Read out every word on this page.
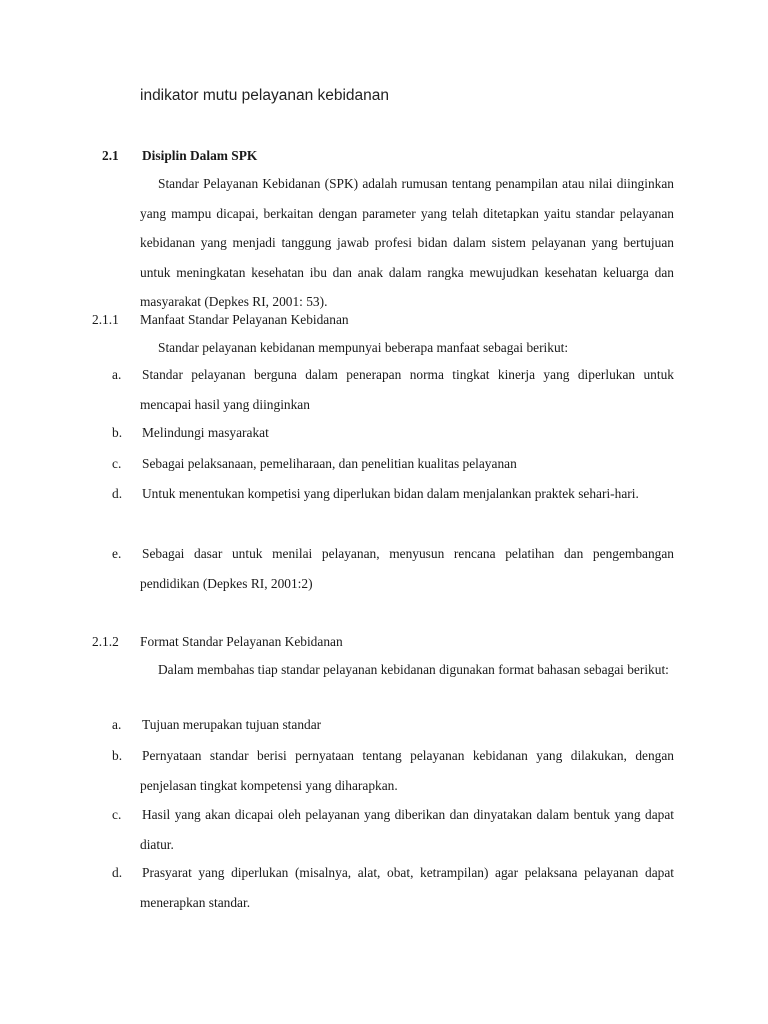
indikator mutu pelayanan kebidanan
2.1 Disiplin Dalam SPK
Standar Pelayanan Kebidanan (SPK) adalah rumusan tentang penampilan atau nilai diinginkan yang mampu dicapai, berkaitan dengan parameter yang telah ditetapkan yaitu standar pelayanan kebidanan yang menjadi tanggung jawab profesi bidan dalam sistem pelayanan yang bertujuan untuk meningkatan kesehatan ibu dan anak dalam rangka mewujudkan kesehatan keluarga dan masyarakat (Depkes RI, 2001: 53).
2.1.1 Manfaat Standar Pelayanan Kebidanan
Standar pelayanan kebidanan mempunyai beberapa manfaat sebagai berikut:
a. Standar pelayanan berguna dalam penerapan norma tingkat kinerja yang diperlukan untuk mencapai hasil yang diinginkan
b. Melindungi masyarakat
c. Sebagai pelaksanaan, pemeliharaan, dan penelitian kualitas pelayanan
d. Untuk menentukan kompetisi yang diperlukan bidan dalam menjalankan praktek sehari-hari.
e. Sebagai dasar untuk menilai pelayanan, menyusun rencana pelatihan dan pengembangan pendidikan (Depkes RI, 2001:2)
2.1.2 Format Standar Pelayanan Kebidanan
Dalam membahas tiap standar pelayanan kebidanan digunakan format bahasan sebagai berikut:
a. Tujuan merupakan tujuan standar
b. Pernyataan standar berisi pernyataan tentang pelayanan kebidanan yang dilakukan, dengan penjelasan tingkat kompetensi yang diharapkan.
c. Hasil yang akan dicapai oleh pelayanan yang diberikan dan dinyatakan dalam bentuk yang dapat diatur.
d. Prasyarat yang diperlukan (misalnya, alat, obat, ketrampilan) agar pelaksana pelayanan dapat menerapkan standar.
